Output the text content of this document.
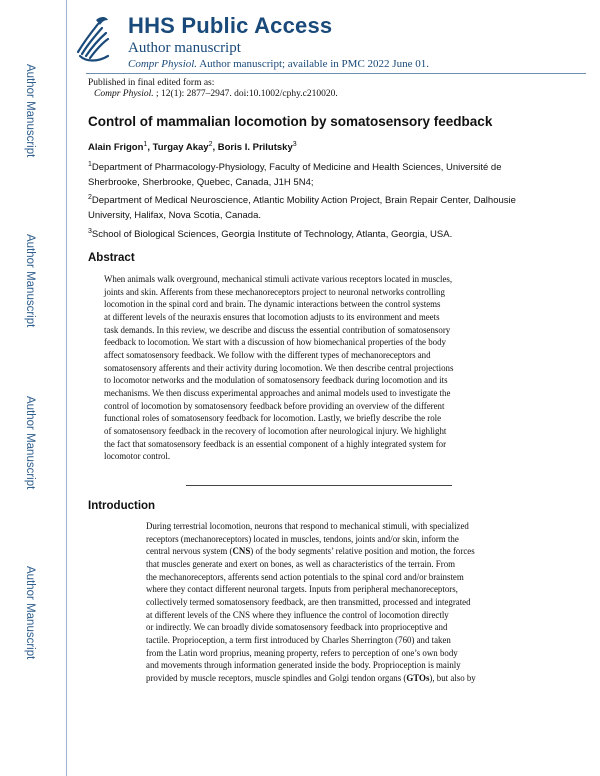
Author Manuscript
Author Manuscript
Author Manuscript
Author Manuscript
HHS Public Access
Author manuscript
Compr Physiol. Author manuscript; available in PMC 2022 June 01.
Published in final edited form as:
Compr Physiol. ; 12(1): 2877–2947. doi:10.1002/cphy.c210020.
Control of mammalian locomotion by somatosensory feedback
Alain Frigon$^1$, Turgay Akay$^2$, Boris I. Prilutsky$^3$
$^1$Department of Pharmacology-Physiology, Faculty of Medicine and Health Sciences, Université de Sherbrooke, Sherbrooke, Quebec, Canada, J1H 5N4;
$^2$Department of Medical Neuroscience, Atlantic Mobility Action Project, Brain Repair Center, Dalhousie University, Halifax, Nova Scotia, Canada.
$^3$School of Biological Sciences, Georgia Institute of Technology, Atlanta, Georgia, USA.
Abstract
When animals walk overground, mechanical stimuli activate various receptors located in muscles,
joints and skin. Afferents from these mechanoreceptors project to neuronal networks controlling
locomotion in the spinal cord and brain. The dynamic interactions between the control systems
at different levels of the neuraxis ensures that locomotion adjusts to its environment and meets
task demands. In this review, we describe and discuss the essential contribution of somatosensory
feedback to locomotion. We start with a discussion of how biomechanical properties of the body
affect somatosensory feedback. We follow with the different types of mechanoreceptors and
somatosensory afferents and their activity during locomotion. We then describe central projections
to locomotor networks and the modulation of somatosensory feedback during locomotion and its
mechanisms. We then discuss experimental approaches and animal models used to investigate the
control of locomotion by somatosensory feedback before providing an overview of the different
functional roles of somatosensory feedback for locomotion. Lastly, we briefly describe the role
of somatosensory feedback in the recovery of locomotion after neurological injury. We highlight
the fact that somatosensory feedback is an essential component of a highly integrated system for
locomotor control.
Introduction
During terrestrial locomotion, neurons that respond to mechanical stimuli, with specialized
receptors (mechanoreceptors) located in muscles, tendons, joints and/or skin, inform the
central nervous system (CNS) of the body segments’ relative position and motion, the forces
that muscles generate and exert on bones, as well as characteristics of the terrain. From
the mechanoreceptors, afferents send action potentials to the spinal cord and/or brainstem
where they contact different neuronal targets. Inputs from peripheral mechanoreceptors,
collectively termed somatosensory feedback, are then transmitted, processed and integrated
at different levels of the CNS where they influence the control of locomotion directly
or indirectly. We can broadly divide somatosensory feedback into proprioceptive and
tactile. Proprioception, a term first introduced by Charles Sherrington (760) and taken
from the Latin word proprius, meaning property, refers to perception of one’s own body
and movements through information generated inside the body. Proprioception is mainly
provided by muscle receptors, muscle spindles and Golgi tendon organs (GTOs), but also by
